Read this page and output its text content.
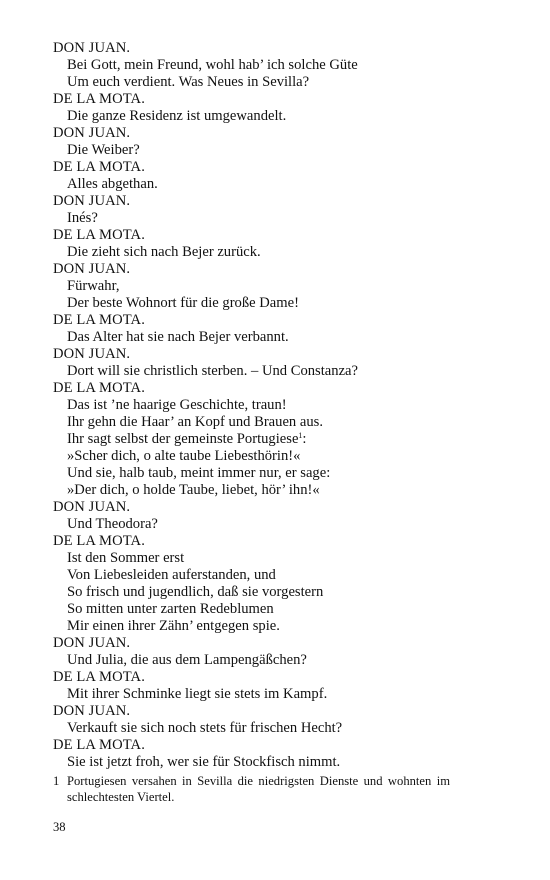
DON JUAN.
Bei Gott, mein Freund, wohl hab’ ich solche Güte
Um euch verdient. Was Neues in Sevilla?
DE LA MOTA.
Die ganze Residenz ist umgewandelt.
DON JUAN.
Die Weiber?
DE LA MOTA.
Alles abgethan.
DON JUAN.
Inés?
DE LA MOTA.
Die zieht sich nach Bejer zurück.
DON JUAN.
Fürwahr,
Der beste Wohnort für die große Dame!
DE LA MOTA.
Das Alter hat sie nach Bejer verbannt.
DON JUAN.
Dort will sie christlich sterben. – Und Constanza?
DE LA MOTA.
Das ist ’ne haarige Geschichte, traun!
Ihr gehn die Haar’ an Kopf und Brauen aus.
Ihr sagt selbst der gemeinste Portugiese$^1$:
»Scher dich, o alte taube Liebesthörin!«
Und sie, halb taub, meint immer nur, er sage:
»Der dich, o holde Taube, liebet, hör’ ihn!«
DON JUAN.
Und Theodora?
DE LA MOTA.
Ist den Sommer erst
Von Liebesleiden auferstanden, und
So frisch und jugendlich, daß sie vorgestern
So mitten unter zarten Redeblumen
Mir einen ihrer Zähn’ entgegen spie.
DON JUAN.
Und Julia, die aus dem Lampengäßchen?
DE LA MOTA.
Mit ihrer Schminke liegt sie stets im Kampf.
DON JUAN.
Verkauft sie sich noch stets für frischen Hecht?
DE LA MOTA.
Sie ist jetzt froh, wer sie für Stockfisch nimmt.
1 Portugiesen versahen in Sevilla die niedrigsten Dienste und wohnten im schlechtesten Viertel.
38
